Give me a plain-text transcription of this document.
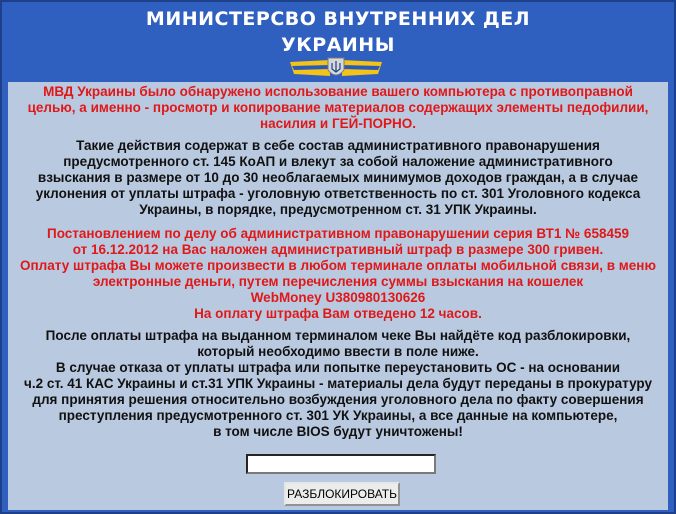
МИНИСТЕРСВО ВНУТРЕННИХ ДЕЛ
УКРАИНЫ
МВД Украины было обнаружено использование вашего компьютера с противоправной
целью, а именно - просмотр и копирование материалов содержащих элементы педофилии,
насилия и ГЕЙ-ПОРНО.
Такие действия содержат в себе состав административного правонарушения
предусмотренного ст. 145 КоАП и влекут за собой наложение административного
взыскания в размере от 10 до 30 необлагаемых минимумов доходов граждан, а в случае
уклонения от уплаты штрафа - уголовную ответственность по ст. 301 Уголовного кодекса
Украины, в порядке, предусмотренном ст. 31 УПК Украины.
Постановлением по делу об административном правонарушении серия ВТ1 № 658459
от 16.12.2012 на Вас наложен административный штраф в размере 300 гривен.
Оплату штрафа Вы можете произвести в любом терминале оплаты мобильной связи, в меню
электронные деньги, путем перечисления суммы взыскания на кошелек
WebMoney U380980130626
На оплату штрафа Вам отведено 12 часов.
После оплаты штрафа на выданном терминалом чеке Вы найдёте код разблокировки,
который необходимо ввести в поле ниже.
В случае отказа от уплаты штрафа или попытке переустановить ОС - на основании
ч.2 ст. 41 КАС Украины и ст.31 УПК Украины - материалы дела будут переданы в прокуратуру
для принятия решения относительно возбуждения уголовного дела по факту совершения
преступления предусмотренного ст. 301 УК Украины, а все данные на компьютере,
в том числе BIOS будут уничтожены!
РАЗБЛОКИРОВАТЬ
